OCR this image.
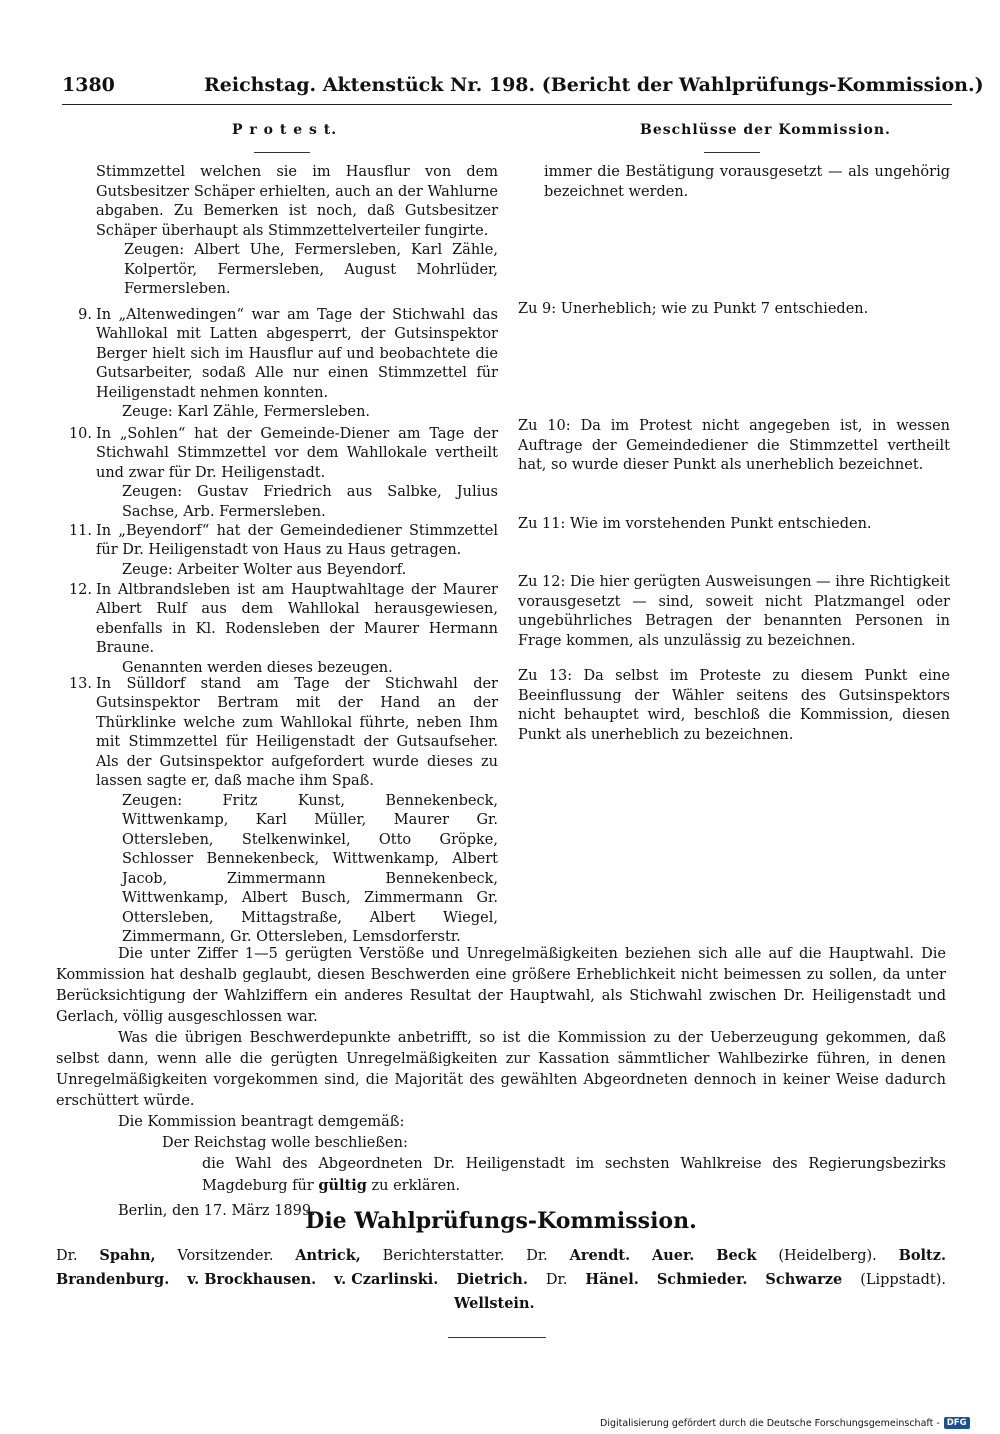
1380	Reichstag. Aktenstück Nr. 198. (Bericht der Wahlprüfungs-Kommission.)
P r o t e s t.	Beschlüsse der Kommission.

Stimmzettel welchen sie im Hausflur von dem Gutsbesitzer Schäper erhielten, auch an der Wahlurne abgaben. Zu Bemerken ist noch, daß Gutsbesitzer Schäper überhaupt als Stimmzettelverteiler fungirte.

Zeugen: Albert Uhe, Fermersleben, Karl Zähle, Kolpertör, Fermersleben, August Mohrlüder, Fermersleben.

9. In „Altenwedingen“ war am Tage der Stichwahl das Wahllokal mit Latten abgesperrt, der Gutsinspektor Berger hielt sich im Hausflur auf und beobachtete die Gutsarbeiter, sodaß Alle nur einen Stimmzettel für Heiligenstadt nehmen konnten.
Zeuge: Karl Zähle, Fermersleben.
10. In „Sohlen“ hat der Gemeinde-Diener am Tage der Stichwahl Stimmzettel vor dem Wahllokale vertheilt und zwar für Dr. Heiligenstadt.
Zeugen: Gustav Friedrich aus Salbke, Julius Sachse, Arb. Fermersleben.
11. In „Beyendorf“ hat der Gemeindediener Stimmzettel für Dr. Heiligenstadt von Haus zu Haus getragen.
Zeuge: Arbeiter Wolter aus Beyendorf.
12. In Altbrandsleben ist am Hauptwahltage der Maurer Albert Rulf aus dem Wahllokal herausgewiesen, ebenfalls in Kl. Rodensleben der Maurer Hermann Braune.
Genannten werden dieses bezeugen.
13. In Sülldorf stand am Tage der Stichwahl der Gutsinspektor Bertram mit der Hand an der Thürklinke welche zum Wahllokal führte, neben Ihm mit Stimmzettel für Heiligenstadt der Gutsaufseher. Als der Gutsinspektor aufgefordert wurde dieses zu lassen sagte er, daß mache ihm Spaß.
Zeugen: Fritz Kunst, Bennekenbeck, Wittwenkamp, Karl Müller, Maurer Gr. Ottersleben, Stelkenwinkel, Otto Gröpke, Schlosser Bennekenbeck, Wittwenkamp, Albert Jacob, Zimmermann Bennekenbeck, Wittwenkamp, Albert Busch, Zimmermann Gr. Ottersleben, Mittagstraße, Albert Wiegel, Zimmermann, Gr. Ottersleben, Lemsdorferstr.

immer die Bestätigung vorausgesetzt — als ungehörig bezeichnet werden.

Zu 9: Unerheblich; wie zu Punkt 7 entschieden.
Zu 10: Da im Protest nicht angegeben ist, in wessen Auftrage der Gemeindediener die Stimmzettel vertheilt hat, so wurde dieser Punkt als unerheblich bezeichnet.
Zu 11: Wie im vorstehenden Punkt entschieden.
Zu 12: Die hier gerügten Ausweisungen — ihre Richtigkeit vorausgesetzt — sind, soweit nicht Platzmangel oder ungebührliches Betragen der benannten Personen in Frage kommen, als unzulässig zu bezeichnen.
Zu 13: Da selbst im Proteste zu diesem Punkt eine Beeinflussung der Wähler seitens des Gutsinspektors nicht behauptet wird, beschloß die Kommission, diesen Punkt als unerheblich zu bezeichnen.

Die unter Ziffer 1—5 gerügten Verstöße und Unregelmäßigkeiten beziehen sich alle auf die Hauptwahl. Die Kommission hat deshalb geglaubt, diesen Beschwerden eine größere Erheblichkeit nicht beimessen zu sollen, da unter Berücksichtigung der Wahlziffern ein anderes Resultat der Hauptwahl, als Stichwahl zwischen Dr. Heiligenstadt und Gerlach, völlig ausgeschlossen war.

Was die übrigen Beschwerdepunkte anbetrifft, so ist die Kommission zu der Ueberzeugung gekommen, daß selbst dann, wenn alle die gerügten Unregelmäßigkeiten zur Kassation sämmtlicher Wahlbezirke führen, in denen Unregelmäßigkeiten vorgekommen sind, die Majorität des gewählten Abgeordneten dennoch in keiner Weise dadurch erschüttert würde.

Die Kommission beantragt demgemäß:

Der Reichstag wolle beschließen:

die Wahl des Abgeordneten Dr. Heiligenstadt im sechsten Wahlkreise des Regierungsbezirks Magdeburg für gültig zu erklären.

Berlin, den 17. März 1899.

Die Wahlprüfungs-Kommission.
Dr. Spahn, Vorsitzender. Antrick, Berichterstatter. Dr. Arendt. Auer. Beck (Heidelberg). Boltz.
Brandenburg. v. Brockhausen. v. Czarlinski. Dietrich. Dr. Hänel. Schmieder. Schwarze (Lippstadt).
Wellstein.
Digitalisierung gefördert durch die Deutsche Forschungsgemeinschaft - DFG
